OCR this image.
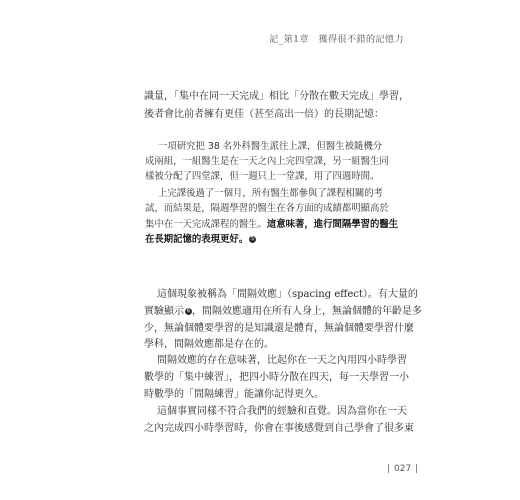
記_第1章　獲得很不錯的記憶力

識量，「集中在同一天完成」相比「分散在數天完成」學習，

後者會比前者擁有更佳（甚至高出一倍）的長期記憶：

一項研究把 38 名外科醫生派往上課，但醫生被隨機分

成兩組，一組醫生是在一天之內上完四堂課，另一組醫生同

樣被分配了四堂課，但一週只上一堂課，用了四週時間。

上完課後過了一個月，所有醫生都參與了課程相關的考

試，而結果是，隔週學習的醫生在各方面的成績都明顯高於

集中在一天完成課程的醫生。這意味著，進行間隔學習的醫生

在長期記憶的表現更好。 5

這個現象被稱為「間隔效應」（spacing effect）。有大量的

實驗顯示 6 ，間隔效應適用在所有人身上，無論個體的年齡是多

少，無論個體要學習的是知識還是體育，無論個體要學習什麼

學科，間隔效應都是存在的。

間隔效應的存在意味著，比起你在一天之內用四小時學習

數學的「集中練習」，把四小時分散在四天，每一天學習一小

時數學的「間隔練習」能讓你記得更久。

這個事實同樣不符合我們的經驗和直覺。因為當你在一天

之內完成四小時學習時，你會在事後感覺到自己學會了很多東

027
